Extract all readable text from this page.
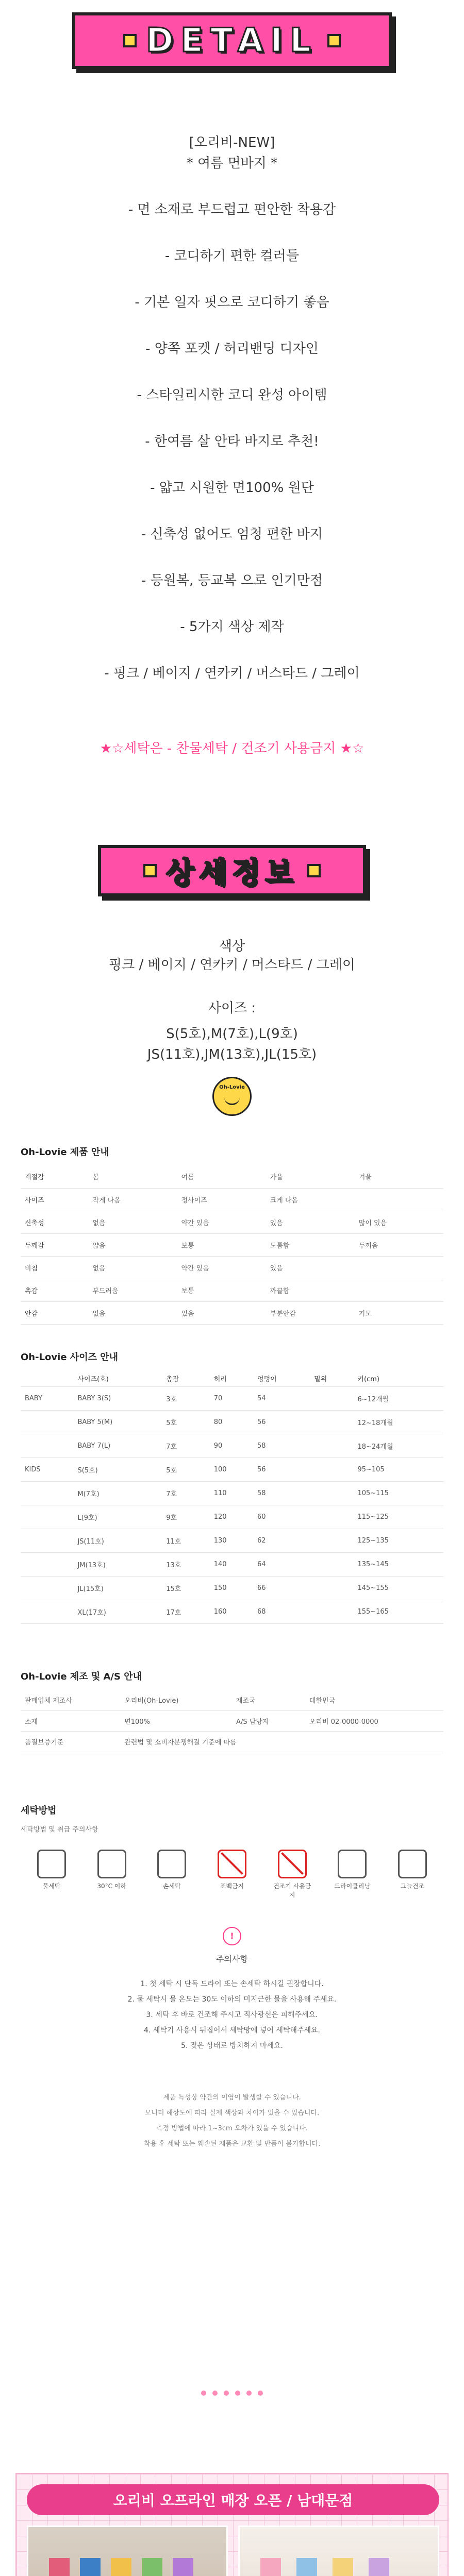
DETAIL
[오리비-NEW]
* 여름 면바지 *
- 면 소재로 부드럽고 편안한 착용감
- 코디하기 편한 컬러들
- 기본 일자 핏으로 코디하기 좋음
- 양쪽 포켓 / 허리밴딩 디자인
- 스타일리시한 코디 완성 아이템
- 한여름 살 안타 바지로 추천!
- 얇고 시원한 면100% 원단
- 신축성 없어도 엄청 편한 바지
- 등원복, 등교복 으로 인기만점
- 5가지 색상 제작
- 핑크 / 베이지 / 연카키 / 머스타드 / 그레이
★☆세탁은 - 찬물세탁 / 건조기 사용금지 ★☆
상세정보
색상
핑크 / 베이지 / 연카키 / 머스타드 / 그레이
사이즈 :
S(5호),M(7호),L(9호)
JS(11호),JM(13호),JL(15호)
Oh-Lovie
Oh-Lovie 제품 안내
계절감	봄	여름	가을	겨울
사이즈	작게 나옴	정사이즈	크게 나옴	
신축성	없음	약간 있음	있음	많이 있음
두께감	얇음	보통	도톰함	두꺼움
비침	없음	약간 있음	있음	
촉감	부드러움	보통	까끌함	
안감	없음	있음	부분안감	기모
Oh-Lovie 사이즈 안내
	사이즈(호)	총장	허리	엉덩이	밑위	키(cm)
BABY	BABY 3(S)	3호	70	54		6~12개월
	BABY 5(M)	5호	80	56		12~18개월
	BABY 7(L)	7호	90	58		18~24개월
KIDS	S(5호)	5호	100	56		95~105
	M(7호)	7호	110	58		105~115
	L(9호)	9호	120	60		115~125
	JS(11호)	11호	130	62		125~135
	JM(13호)	13호	140	64		135~145
	JL(15호)	15호	150	66		145~155
	XL(17호)	17호	160	68		155~165
Oh-Lovie 제조 및 A/S 안내
판매업체 제조사	오리비(Oh-Lovie)	제조국	대한민국
소재	면100%	A/S 담당자	오리비 02-0000-0000
품질보증기준	관련법 및 소비자분쟁해결 기준에 따름		
세탁방법
세탁방법 및 취급 주의사항
물세탁	30°C 이하	손세탁	표백금지	건조기 사용금지
드라이클리닝	그늘건조
!
주의사항
1. 첫 세탁 시 단독 드라이 또는 손세탁 하시길 권장합니다.
2. 물 세탁시 물 온도는 30도 이하의 미지근한 물을 사용해 주세요.
3. 세탁 후 바로 건조해 주시고 직사광선은 피해주세요.
4. 세탁기 사용시 뒤집어서 세탁망에 넣어 세탁해주세요.
5. 젖은 상태로 방치하지 마세요.
제품 특성상 약간의 이염이 발생할 수 있습니다.
모니터 해상도에 따라 실제 색상과 차이가 있을 수 있습니다.
측정 방법에 따라 1~3cm 오차가 있을 수 있습니다.
착용 후 세탁 또는 훼손된 제품은 교환 및 반품이 불가합니다.
오리비 오프라인 매장 오픈 / 남대문점
